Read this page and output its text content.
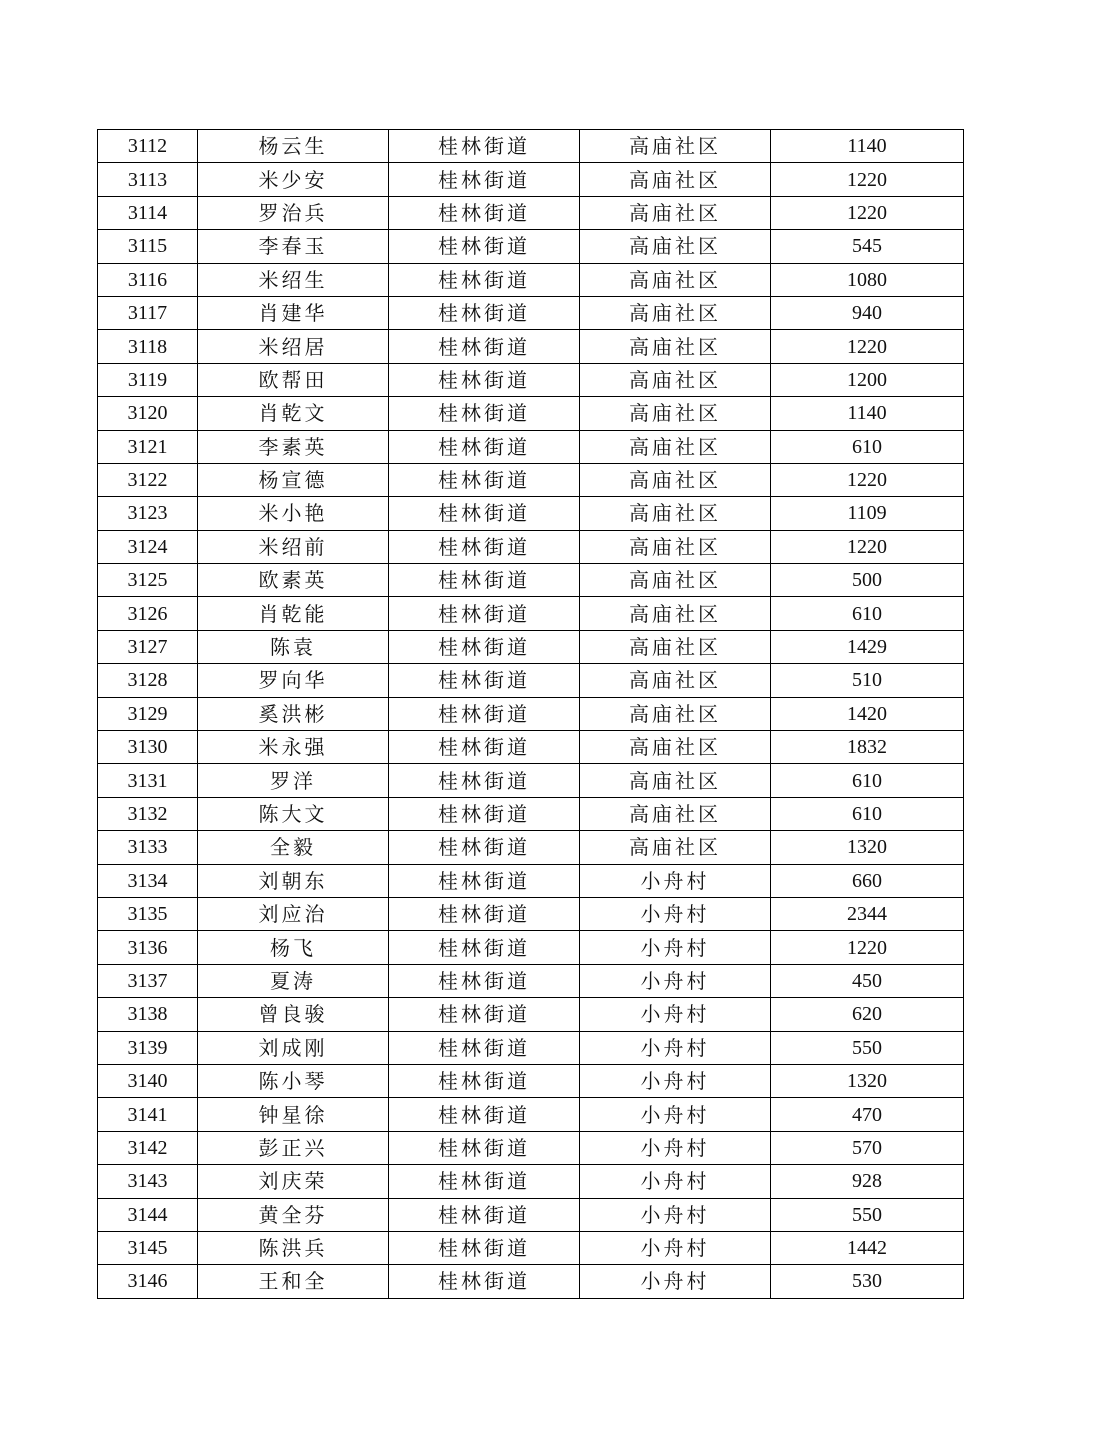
3112	杨云生	桂林街道	高庙社区	1140
3113	米少安	桂林街道	高庙社区	1220
3114	罗治兵	桂林街道	高庙社区	1220
3115	李春玉	桂林街道	高庙社区	545
3116	米绍生	桂林街道	高庙社区	1080
3117	肖建华	桂林街道	高庙社区	940
3118	米绍居	桂林街道	高庙社区	1220
3119	欧帮田	桂林街道	高庙社区	1200
3120	肖乾文	桂林街道	高庙社区	1140
3121	李素英	桂林街道	高庙社区	610
3122	杨宣德	桂林街道	高庙社区	1220
3123	米小艳	桂林街道	高庙社区	1109
3124	米绍前	桂林街道	高庙社区	1220
3125	欧素英	桂林街道	高庙社区	500
3126	肖乾能	桂林街道	高庙社区	610
3127	陈袁	桂林街道	高庙社区	1429
3128	罗向华	桂林街道	高庙社区	510
3129	奚洪彬	桂林街道	高庙社区	1420
3130	米永强	桂林街道	高庙社区	1832
3131	罗洋	桂林街道	高庙社区	610
3132	陈大文	桂林街道	高庙社区	610
3133	全毅	桂林街道	高庙社区	1320
3134	刘朝东	桂林街道	小舟村	660
3135	刘应治	桂林街道	小舟村	2344
3136	杨飞	桂林街道	小舟村	1220
3137	夏涛	桂林街道	小舟村	450
3138	曾良骏	桂林街道	小舟村	620
3139	刘成刚	桂林街道	小舟村	550
3140	陈小琴	桂林街道	小舟村	1320
3141	钟星徐	桂林街道	小舟村	470
3142	彭正兴	桂林街道	小舟村	570
3143	刘庆荣	桂林街道	小舟村	928
3144	黄全芬	桂林街道	小舟村	550
3145	陈洪兵	桂林街道	小舟村	1442
3146	王和全	桂林街道	小舟村	530
